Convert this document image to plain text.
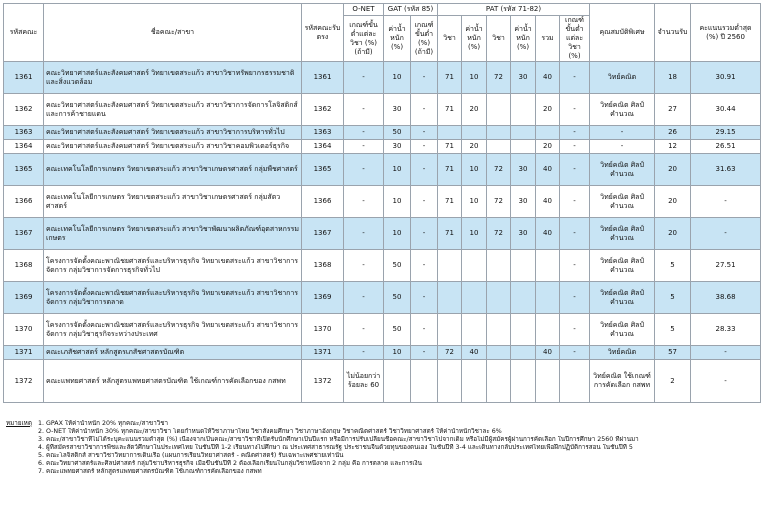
รหัสคณะ	ชื่อคณะ/สาขา	รหัสคณะรับตรง	O-NET	GAT (รหัส 85)		PAT (รหัส 71-82)						คุณสมบัติพิเศษ	จำนวนรับ	คะแนนรวมต่ำสุด (%) ปี 2560
			เกณฑ์ขั้นต่ำแต่ละวิชา (%) (ถ้ามี)	ค่าน้ำหนัก (%)	เกณฑ์ขั้นต่ำ (%) (ถ้ามี)	วิชา	ค่าน้ำหนัก (%)	วิชา	ค่าน้ำหนัก (%)	รวม	เกณฑ์ขั้นต่ำแต่ละวิชา (%)			
1361	คณะวิทยาศาสตร์และสังคมศาสตร์ วิทยาเขตสระแก้ว สาขาวิชาทรัพยากรธรรมชาติและสิ่งแวดล้อม	1361	-	10	-	71	10	72	30	40	-	วิทย์คณิต	18	30.91
1362	คณะวิทยาศาสตร์และสังคมศาสตร์ วิทยาเขตสระแก้ว สาขาวิชาการจัดการโลจิสติกส์และการค้าชายแดน	1362	-	30	-	71	20			20	-	วิทย์คณิต ศิลป์คำนวณ	27	30.44
1363	คณะวิทยาศาสตร์และสังคมศาสตร์ วิทยาเขตสระแก้ว สาขาวิชาการบริหารทั่วไป	1363	-	50	-						-	-	26	29.15
1364	คณะวิทยาศาสตร์และสังคมศาสตร์ วิทยาเขตสระแก้ว สาขาวิชาคอมพิวเตอร์ธุรกิจ	1364	-	30	-	71	20			20	-	-	12	26.51
1365	คณะเทคโนโลยีการเกษตร วิทยาเขตสระแก้ว สาขาวิชาเกษตรศาสตร์ กลุ่มพืชศาสตร์	1365	-	10	-	71	10	72	30	40	-	วิทย์คณิต ศิลป์คำนวณ	20	31.63
1366	คณะเทคโนโลยีการเกษตร วิทยาเขตสระแก้ว สาขาวิชาเกษตรศาสตร์ กลุ่มสัตวศาสตร์	1366	-	10	-	71	10	72	30	40	-	วิทย์คณิต ศิลป์คำนวณ	20	-
1367	คณะเทคโนโลยีการเกษตร วิทยาเขตสระแก้ว สาขาวิชาพัฒนาผลิตภัณฑ์อุตสาหกรรมเกษตร	1367	-	10	-	71	10	72	30	40	-	วิทย์คณิต ศิลป์คำนวณ	20	-
1368	โครงการจัดตั้งคณะพาณิชยศาสตร์และบริหารธุรกิจ วิทยาเขตสระแก้ว สาขาวิชาการจัดการ กลุ่มวิชาการจัดการธุรกิจทั่วไป	1368	-	50	-						-	วิทย์คณิต ศิลป์คำนวณ	5	27.51
1369	โครงการจัดตั้งคณะพาณิชยศาสตร์และบริหารธุรกิจ วิทยาเขตสระแก้ว สาขาวิชาการจัดการ กลุ่มวิชาการตลาด	1369	-	50	-						-	วิทย์คณิต ศิลป์คำนวณ	5	38.68
1370	โครงการจัดตั้งคณะพาณิชยศาสตร์และบริหารธุรกิจ วิทยาเขตสระแก้ว สาขาวิชาการจัดการ กลุ่มวิชาธุรกิจระหว่างประเทศ	1370	-	50	-						-	วิทย์คณิต ศิลป์คำนวณ	5	28.33
1371	คณะเภสัชศาสตร์ หลักสูตรเภสัชศาสตรบัณฑิต	1371	-	10	-	72	40			40	-	วิทย์คณิต	57	-
1372	คณะแพทยศาสตร์ หลักสูตรแพทยศาสตรบัณฑิต ใช้เกณฑ์การคัดเลือกของ กสพท	1372	ไม่น้อยกว่าร้อยละ 60									วิทย์คณิต ใช้เกณฑ์การคัดเลือก กสพท	2	-
หมายเหตุ 1. GPAX ให้ค่าน้ำหนัก 20% ทุกคณะ/สาขาวิชา
2. O-NET ให้ค่าน้ำหนัก 30% ทุกคณะ/สาขาวิชา โดยกำหนดให้วิชาภาษาไทย วิชาสังคมศึกษา วิชาภาษาอังกฤษ วิชาคณิตศาสตร์ วิชาวิทยาศาสตร์ ให้ค่าน้ำหนักวิชาละ 6%
3. คณะ/สาขาวิชาที่ไม่ได้ระบุคะแนนรวมต่ำสุด (%) เนื่องจากเป็นคณะ/สาขาวิชาที่เปิดรับนักศึกษาเป็นปีแรก หรือมีการปรับเปลี่ยนชื่อคณะ/สาขาวิชาไปจากเดิม หรือไม่มีผู้สมัครผู้ผ่านการคัดเลือก ในปีการศึกษา 2560 ที่ผ่านมา
4. ผู้ที่สมัครสาขาวิชาการพืชและสัตว์ศึกษาในประเทศไทย ในชั้นปีที่ 1-2 เรียนทางไปศึกษา ณ ประเทศสาธารณรัฐ ประชาชนจีนด้วยทุนของตนเอง ในชั้นปีที่ 3-4 และเดินทางกลับประเทศไทยเพื่อฝึกปฏิบัติการสอน ในชั้นปีที่ 5
5. คณะโลจิสติกส์ สาขาวิชาวิทยาการเดินเรือ (แผนการเรียนวิทยาศาสตร์ - คณิตศาสตร์) รับเฉพาะเพศชายเท่านั้น
6. คณะวิทยาศาสตร์และศิลปศาสตร์ กลุ่มวิชาบริหารธุรกิจ เมื่อขึ้นชั้นปีที่ 2 ต้องเลือกเรียนในกลุ่มวิชาหนึ่งจาก 2 กลุ่ม คือ การตลาด และการเงิน
7. คณะแพทยศาสตร์ หลักสูตรแพทยศาสตรบัณฑิต ใช้เกณฑ์การคัดเลือกของ กสพท
